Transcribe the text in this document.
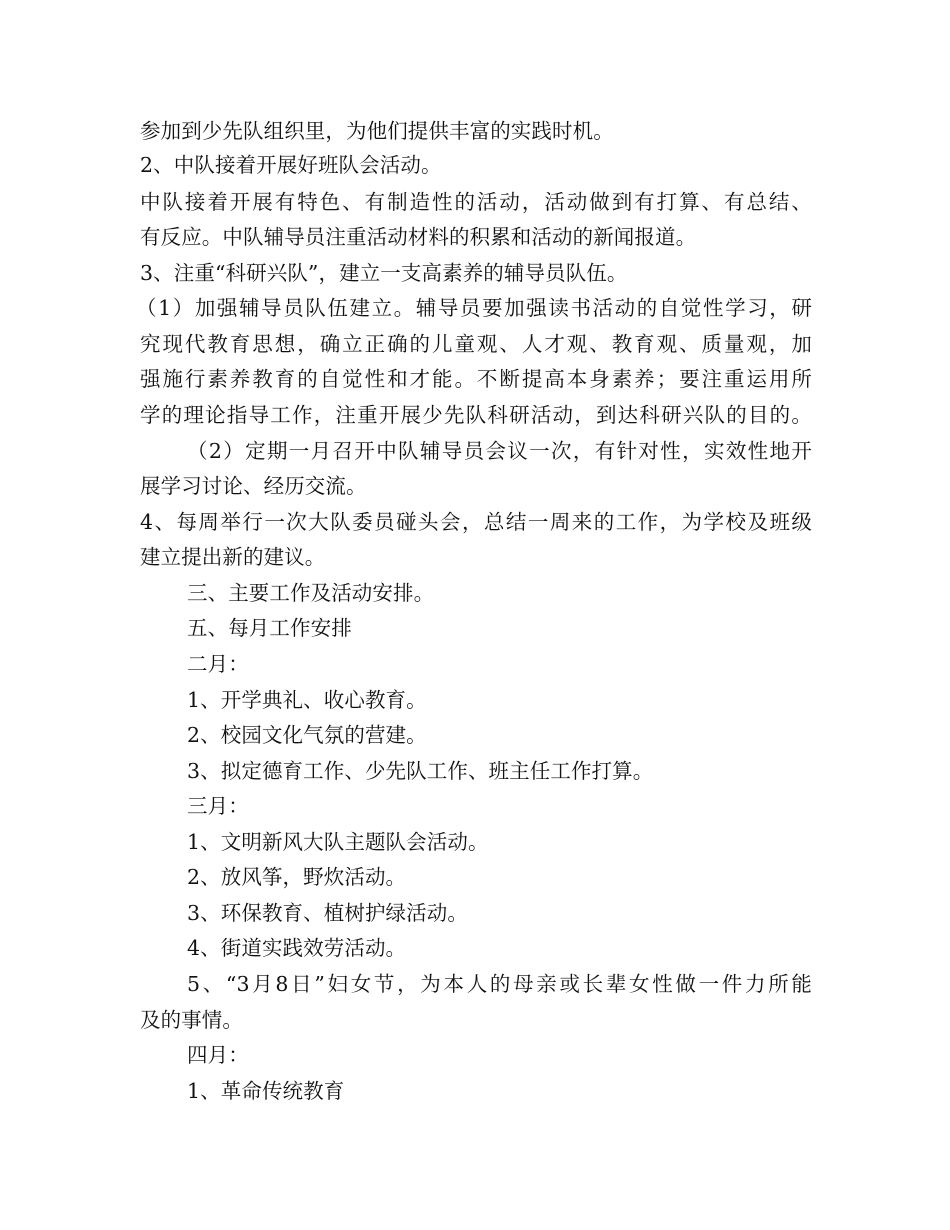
参加到少先队组织里，为他们提供丰富的实践时机。

2、中队接着开展好班队会活动。

中队接着开展有特色、有制造性的活动，活动做到有打算、有总结、

有反应。中队辅导员注重活动材料的积累和活动的新闻报道。

3、注重“科研兴队”，建立一支高素养的辅导员队伍。

（1）加强辅导员队伍建立。辅导员要加强读书活动的自觉性学习，研

究现代教育思想，确立正确的儿童观、人才观、教育观、质量观，加

强施行素养教育的自觉性和才能。不断提高本身素养；要注重运用所

学的理论指导工作，注重开展少先队科研活动，到达科研兴队的目的。

（2）定期一月召开中队辅导员会议一次，有针对性，实效性地开

展学习讨论、经历交流。

4、每周举行一次大队委员碰头会，总结一周来的工作，为学校及班级

建立提出新的建议。

三、主要工作及活动安排。

五、每月工作安排

二月：

1、开学典礼、收心教育。

2、校园文化气氛的营建。

3、拟定德育工作、少先队工作、班主任工作打算。

三月：

1、文明新风大队主题队会活动。

2、放风筝，野炊活动。

3、环保教育、植树护绿活动。

4、街道实践效劳活动。

5、“3月8日”妇女节，为本人的母亲或长辈女性做一件力所能

及的事情。

四月：

1、革命传统教育
